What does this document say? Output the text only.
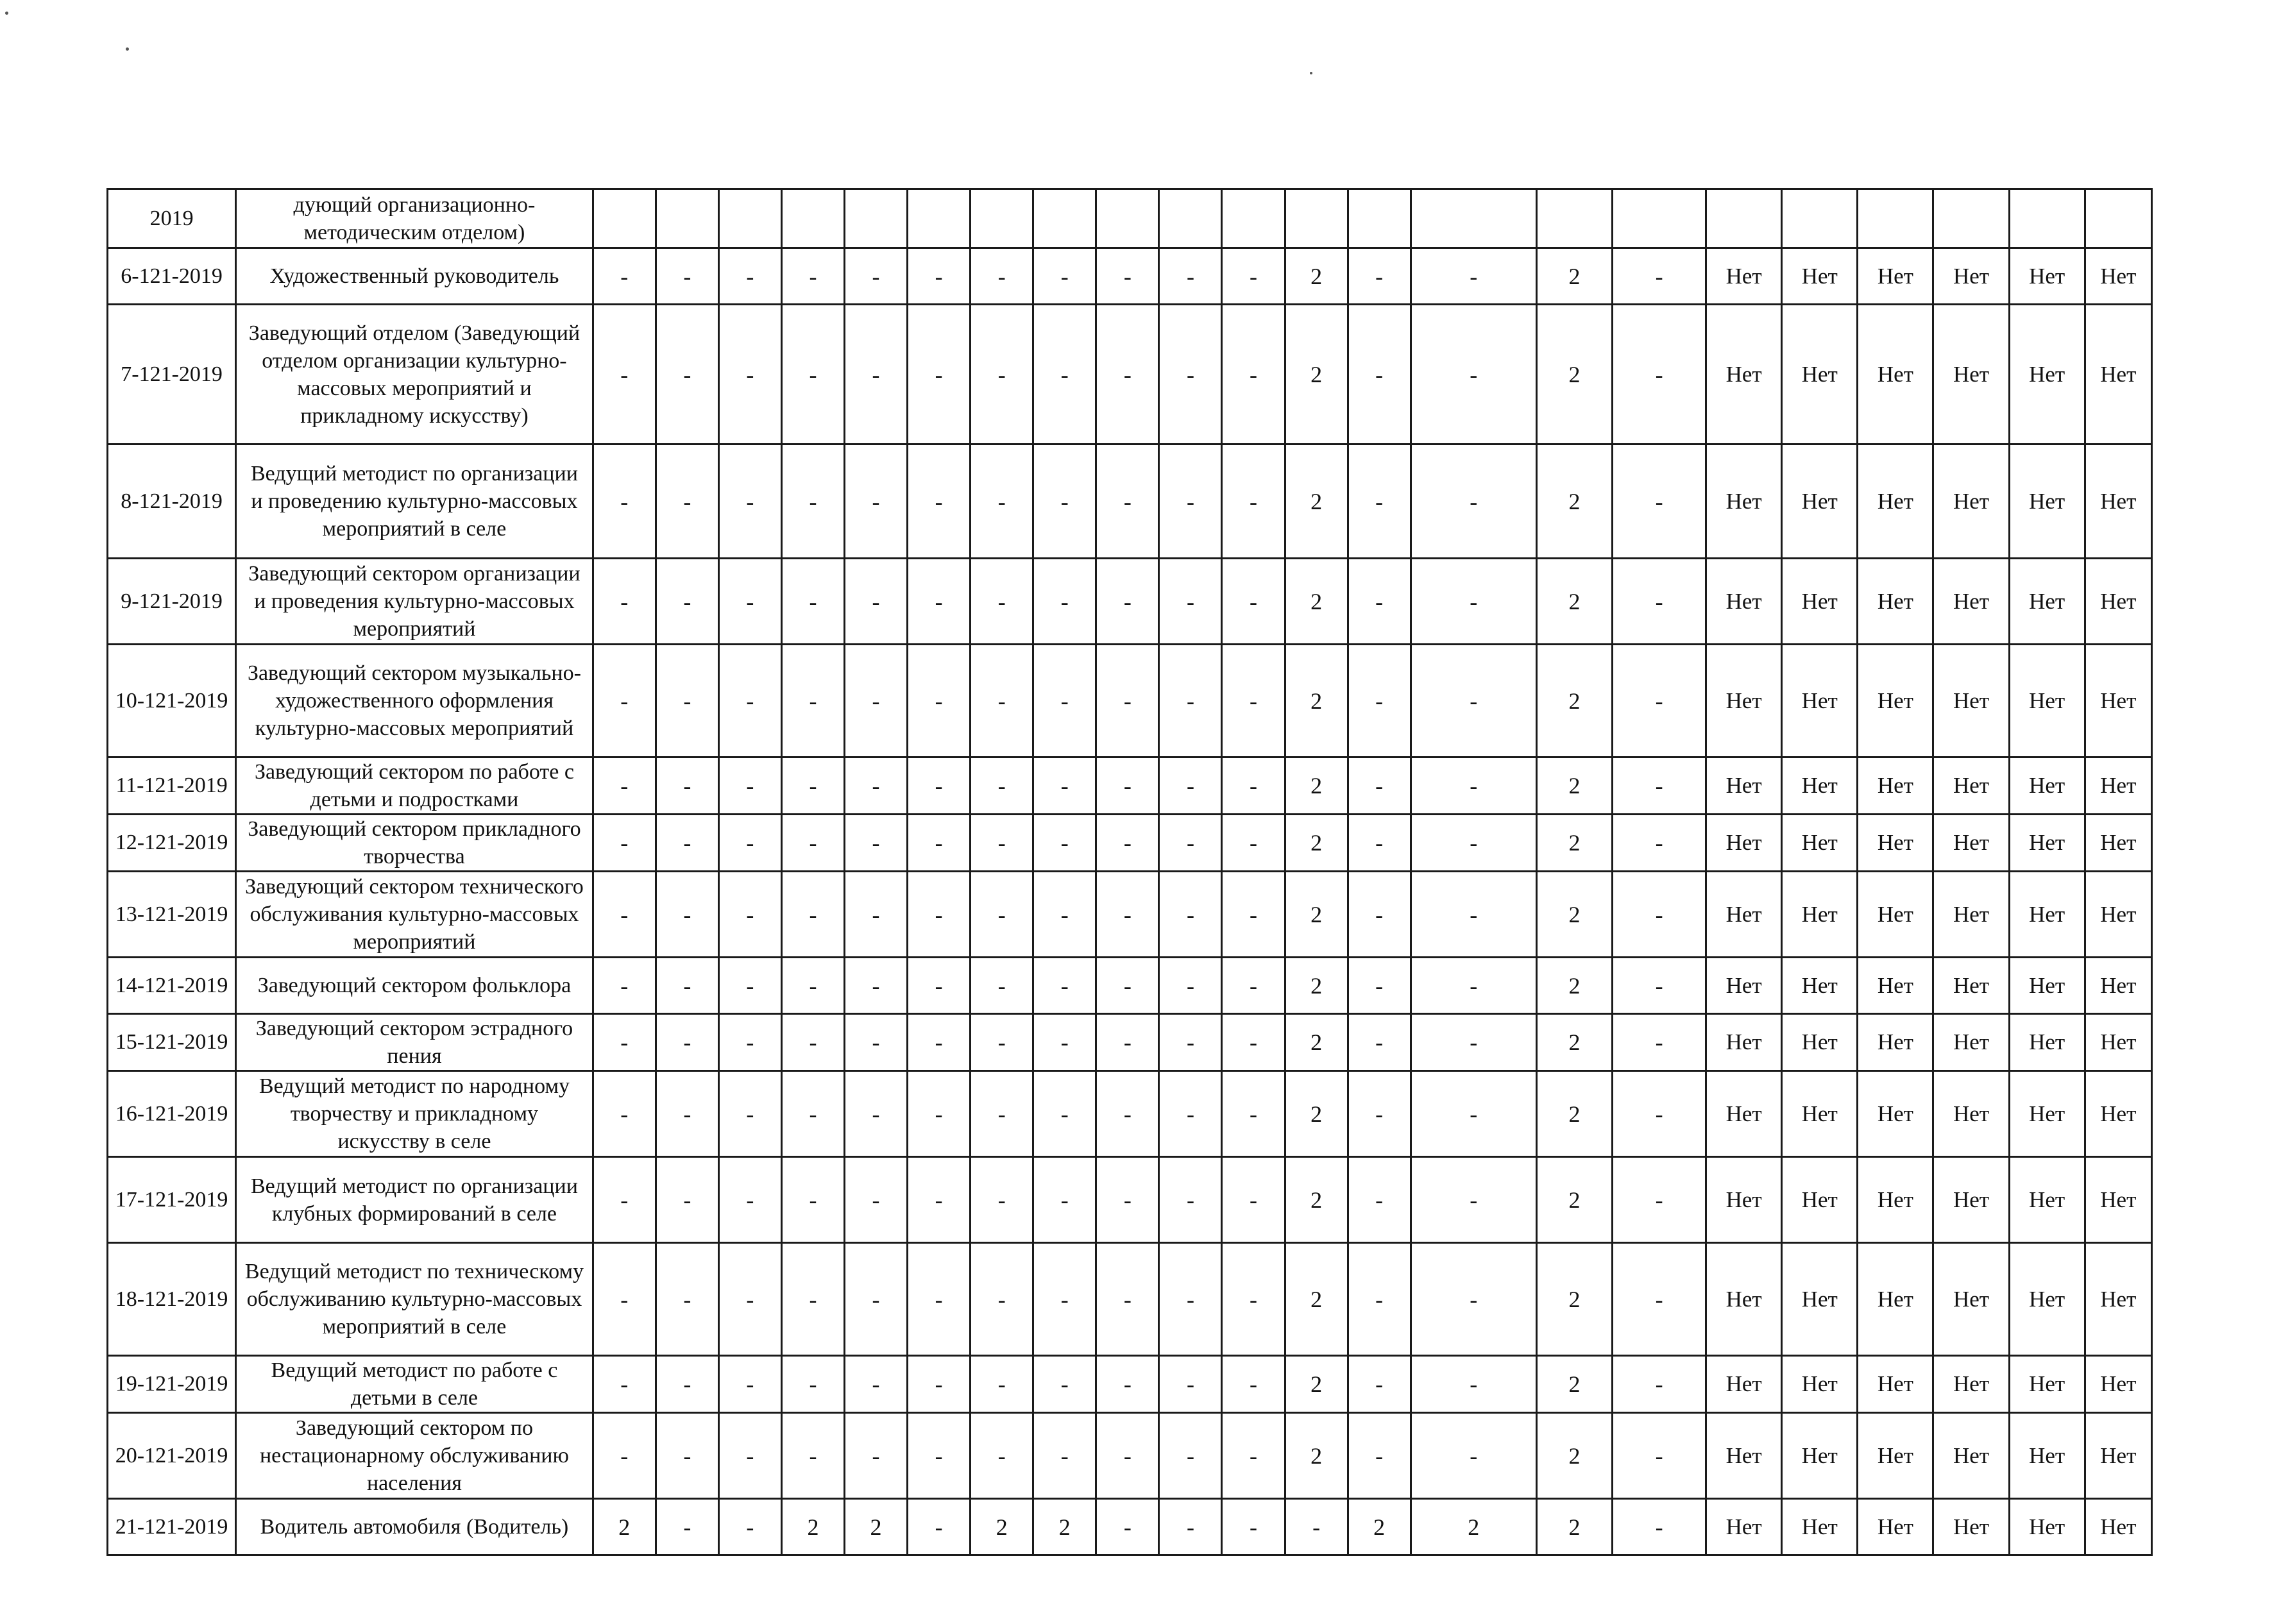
2019	дующий организационно-методическим отделом)																						
6-121-2019	Художественный руководитель	-	-	-	-	-	-	-	-	-	-	-	2	-	-	2	-	Нет	Нет	Нет	Нет	Нет	Нет
7-121-2019	Заведующий отделом (Заведующий отделом организации культурно-массовых мероприятий и прикладному искусству)	-	-	-	-	-	-	-	-	-	-	-	2	-	-	2	-	Нет	Нет	Нет	Нет	Нет	Нет
8-121-2019	Ведущий методист по организации и проведению культурно-массовых мероприятий в селе	-	-	-	-	-	-	-	-	-	-	-	2	-	-	2	-	Нет	Нет	Нет	Нет	Нет	Нет
9-121-2019	Заведующий сектором организации и проведения культурно-массовых мероприятий	-	-	-	-	-	-	-	-	-	-	-	2	-	-	2	-	Нет	Нет	Нет	Нет	Нет	Нет
10-121-2019	Заведующий сектором музыкально-художественного оформления культурно-массовых мероприятий	-	-	-	-	-	-	-	-	-	-	-	2	-	-	2	-	Нет	Нет	Нет	Нет	Нет	Нет
11-121-2019	Заведующий сектором по работе с детьми и подростками	-	-	-	-	-	-	-	-	-	-	-	2	-	-	2	-	Нет	Нет	Нет	Нет	Нет	Нет
12-121-2019	Заведующий сектором прикладного творчества	-	-	-	-	-	-	-	-	-	-	-	2	-	-	2	-	Нет	Нет	Нет	Нет	Нет	Нет
13-121-2019	Заведующий сектором технического обслуживания культурно-массовых мероприятий	-	-	-	-	-	-	-	-	-	-	-	2	-	-	2	-	Нет	Нет	Нет	Нет	Нет	Нет
14-121-2019	Заведующий сектором фольклора	-	-	-	-	-	-	-	-	-	-	-	2	-	-	2	-	Нет	Нет	Нет	Нет	Нет	Нет
15-121-2019	Заведующий сектором эстрадного пения	-	-	-	-	-	-	-	-	-	-	-	2	-	-	2	-	Нет	Нет	Нет	Нет	Нет	Нет
16-121-2019	Ведущий методист по народному творчеству и прикладному искусству в селе	-	-	-	-	-	-	-	-	-	-	-	2	-	-	2	-	Нет	Нет	Нет	Нет	Нет	Нет
17-121-2019	Ведущий методист по организации клубных формирований в селе	-	-	-	-	-	-	-	-	-	-	-	2	-	-	2	-	Нет	Нет	Нет	Нет	Нет	Нет
18-121-2019	Ведущий методист по техническому обслуживанию культурно-массовых мероприятий в селе	-	-	-	-	-	-	-	-	-	-	-	2	-	-	2	-	Нет	Нет	Нет	Нет	Нет	Нет
19-121-2019	Ведущий методист по работе с детьми в селе	-	-	-	-	-	-	-	-	-	-	-	2	-	-	2	-	Нет	Нет	Нет	Нет	Нет	Нет
20-121-2019	Заведующий сектором по нестационарному обслуживанию населения	-	-	-	-	-	-	-	-	-	-	-	2	-	-	2	-	Нет	Нет	Нет	Нет	Нет	Нет
21-121-2019	Водитель автомобиля (Водитель)	2	-	-	2	2	-	2	2	-	-	-	-	2	2	2	-	Нет	Нет	Нет	Нет	Нет	Нет
